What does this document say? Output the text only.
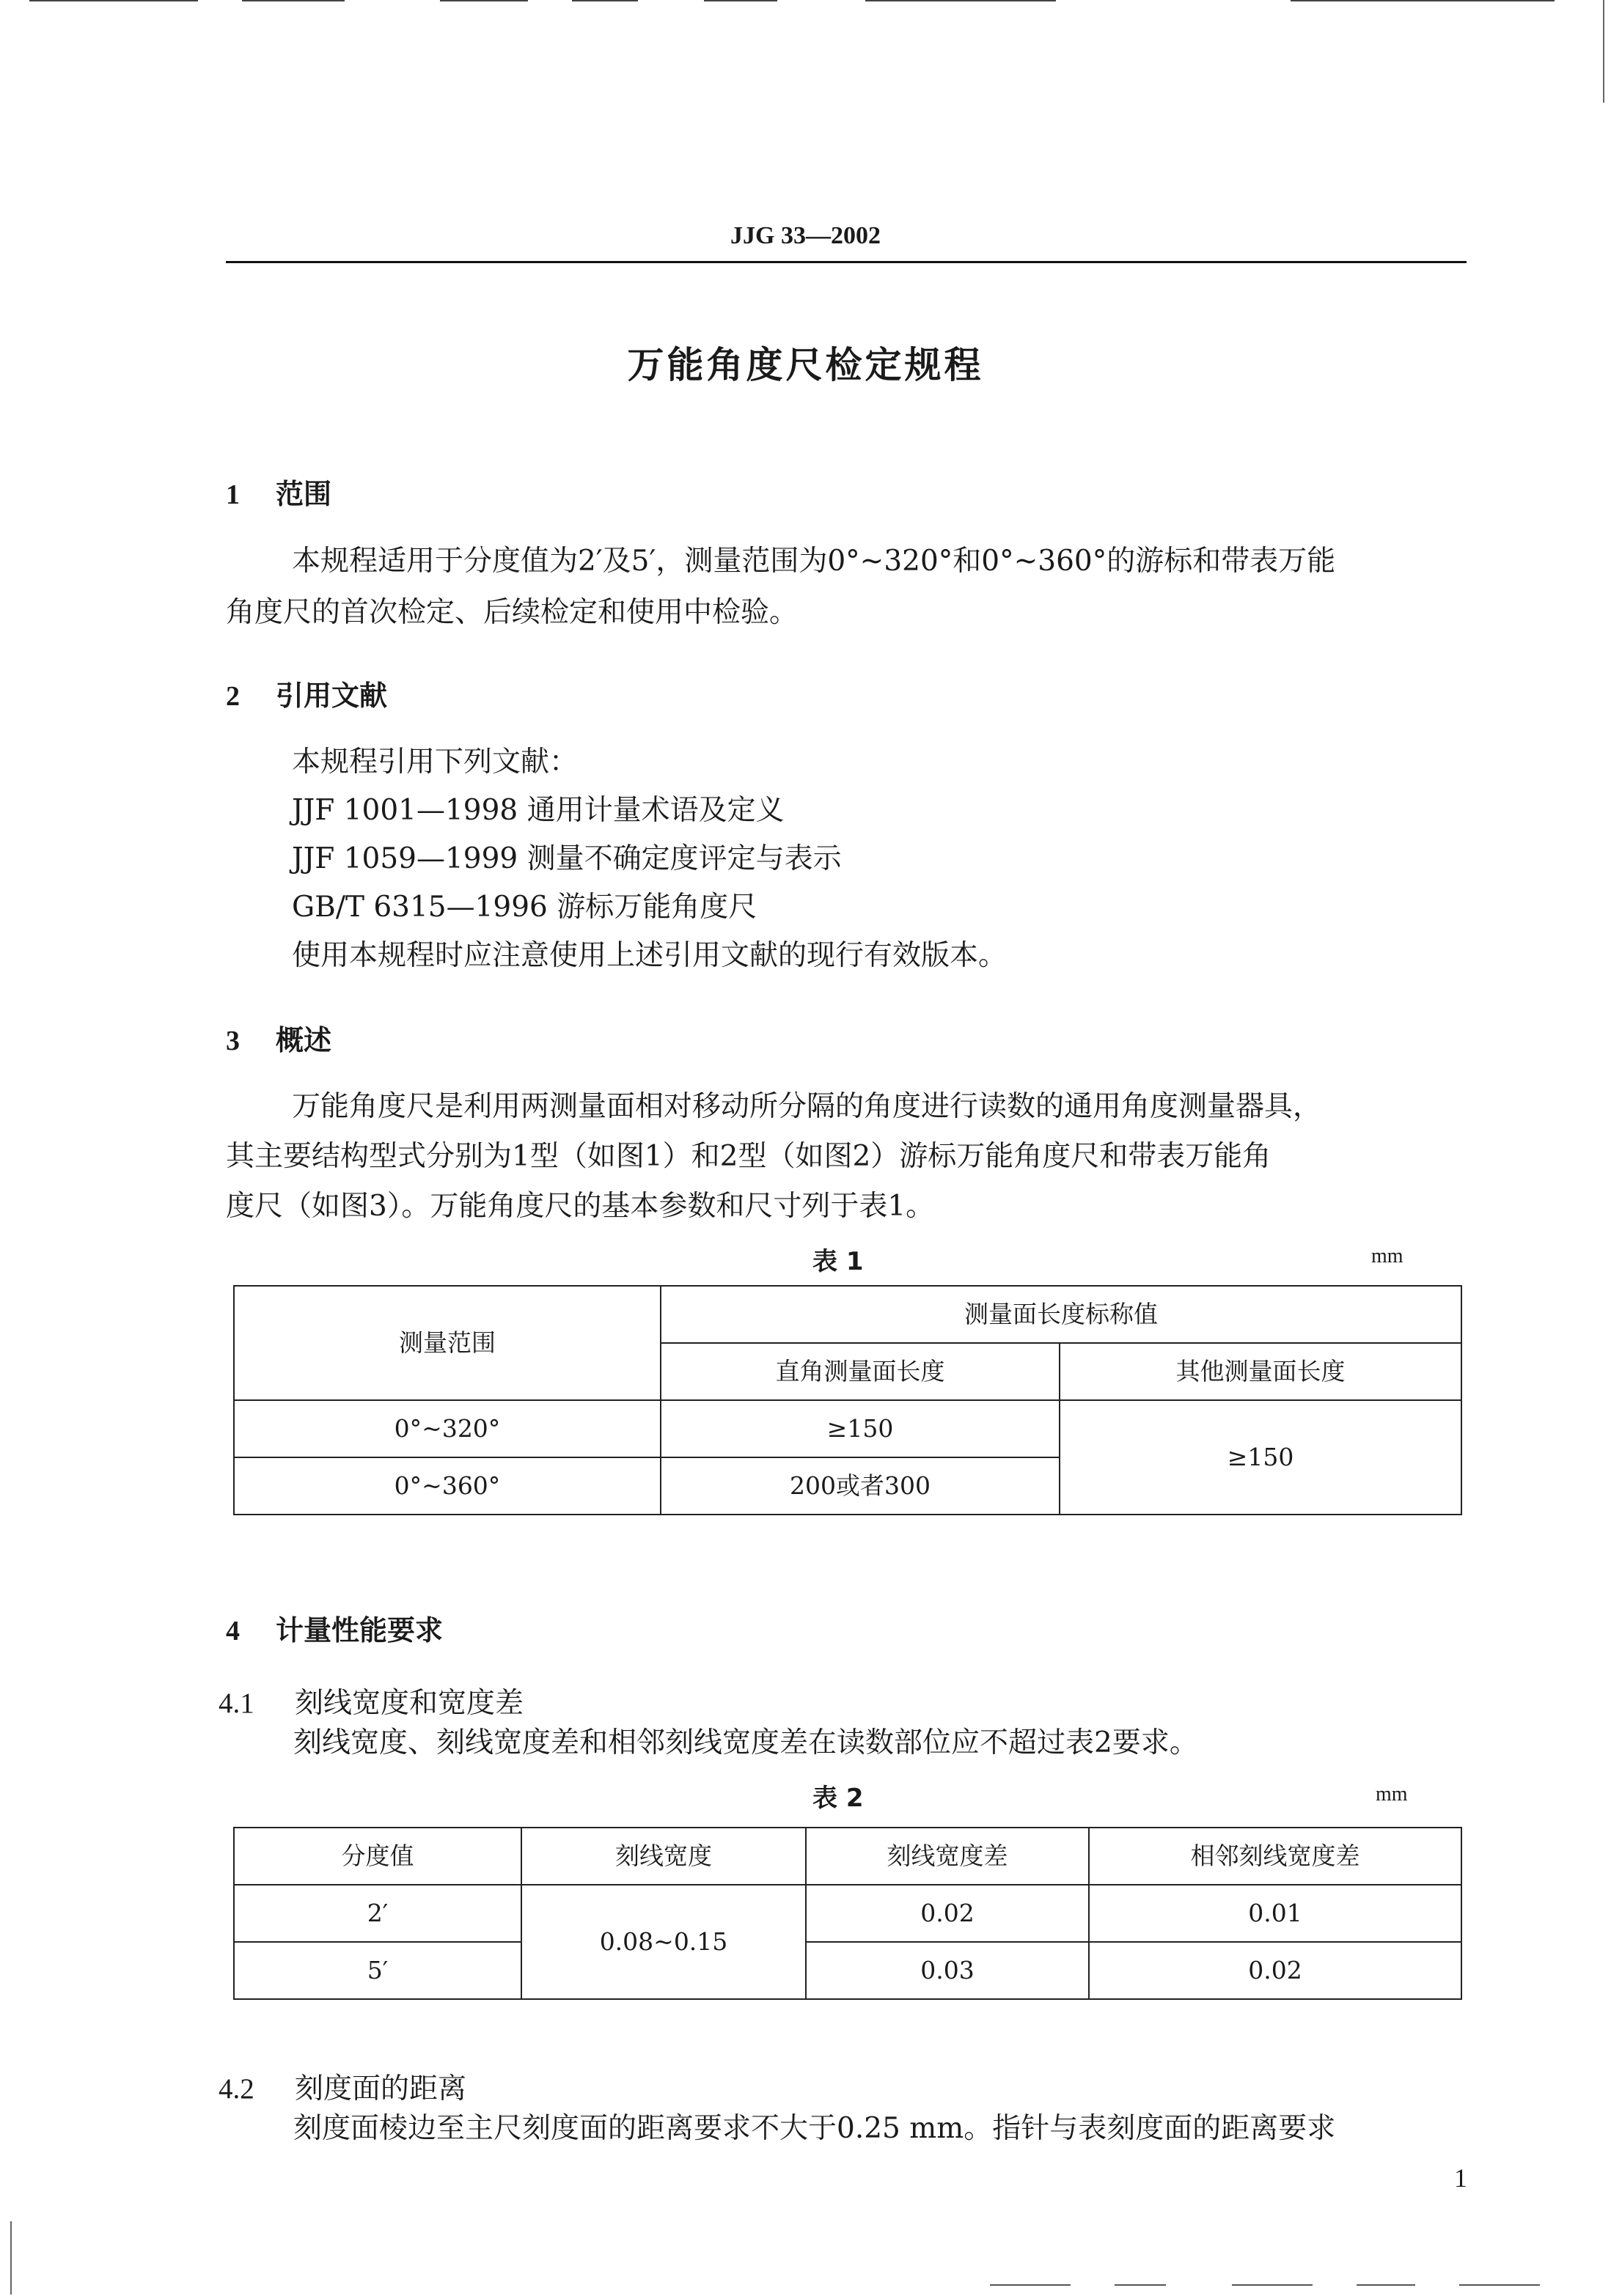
JJG 33—2002
万能角度尺检定规程
1 范围
本规程适用于分度值为2′及5′，测量范围为0°~320°和0°~360°的游标和带表万能
角度尺的首次检定、后续检定和使用中检验。
2 引用文献
本规程引用下列文献：
JJF 1001—1998 通用计量术语及定义
JJF 1059—1999 测量不确定度评定与表示
GB/T 6315—1996 游标万能角度尺
使用本规程时应注意使用上述引用文献的现行有效版本。
3 概述
万能角度尺是利用两测量面相对移动所分隔的角度进行读数的通用角度测量器具，
其主要结构型式分别为1型（如图1）和2型（如图2）游标万能角度尺和带表万能角
度尺（如图3）。万能角度尺的基本参数和尺寸列于表1。
表 1	mm
测量范围	测量面长度标称值	
	直角测量面长度	其他测量面长度
0°~320°	≥150	≥150
0°~360°	200或者300	
4 计量性能要求
4.1 刻线宽度和宽度差
刻线宽度、刻线宽度差和相邻刻线宽度差在读数部位应不超过表2要求。
表 2	mm
分度值	刻线宽度	刻线宽度差	相邻刻线宽度差
2′	0.08~0.15	0.02	0.01
5′		0.03	0.02
4.2 刻度面的距离
刻度面棱边至主尺刻度面的距离要求不大于0.25 mm。指针与表刻度面的距离要求
1
